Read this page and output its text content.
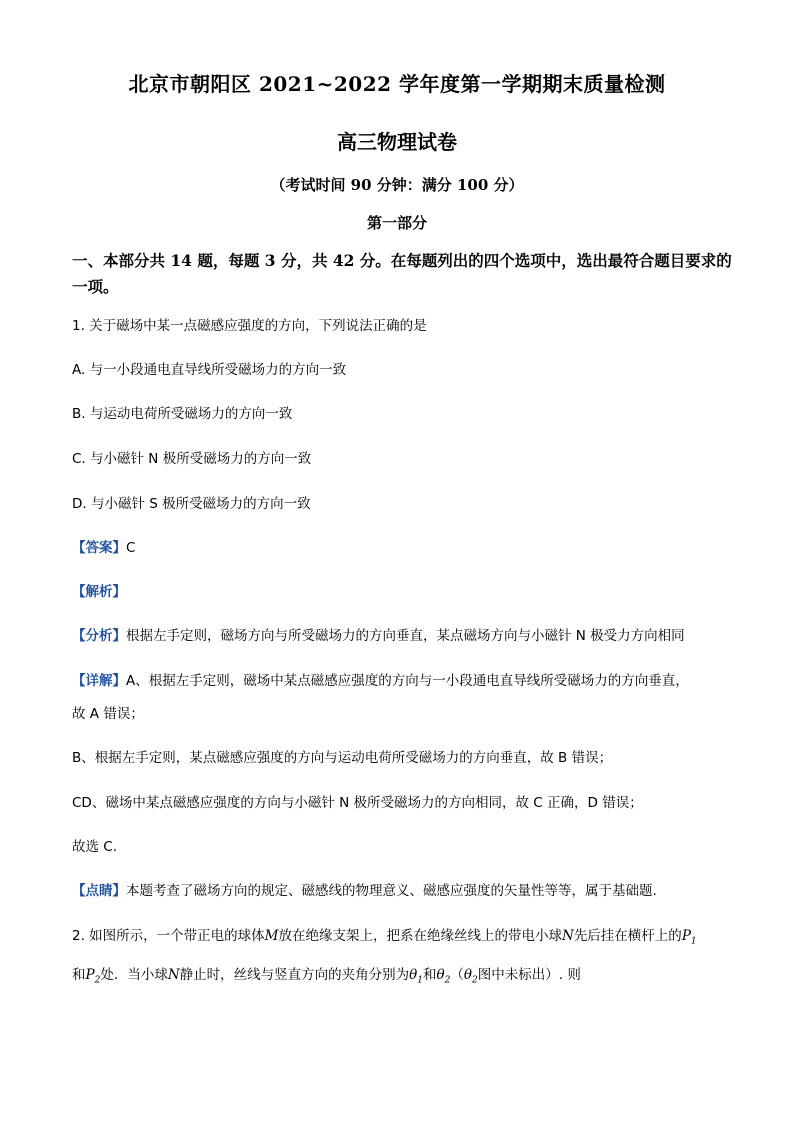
北京市朝阳区 2021~2022 学年度第一学期期末质量检测
高三物理试卷
（考试时间 90 分钟：满分 100 分）
第一部分
一、本部分共 14 题，每题 3 分，共 42 分。在每题列出的四个选项中，选出最符合题目要求的一项。
1. 关于磁场中某一点磁感应强度的方向，下列说法正确的是
A. 与一小段通电直导线所受磁场力的方向一致
B. 与运动电荷所受磁场力的方向一致
C. 与小磁针 N 极所受磁场力的方向一致
D. 与小磁针 S 极所受磁场力的方向一致
【答案】C
【解析】
【分析】根据左手定则，磁场方向与所受磁场力的方向垂直，某点磁场方向与小磁针 N 极受力方向相同
【详解】A、根据左手定则，磁场中某点磁感应强度的方向与一小段通电直导线所受磁场力的方向垂直，
故 A 错误；
B、根据左手定则，某点磁感应强度的方向与运动电荷所受磁场力的方向垂直，故 B 错误；
CD、磁场中某点磁感应强度的方向与小磁针 N 极所受磁场力的方向相同，故 C 正确，D 错误；
故选 C.
【点睛】本题考查了磁场方向的规定、磁感线的物理意义、磁感应强度的矢量性等等，属于基础题.
2. 如图所示，一个带正电的球体M放在绝缘支架上，把系在绝缘丝线上的带电小球N先后挂在横杆上的$P_1$
和$P_2$处．当小球N静止时，丝线与竖直方向的夹角分别为$\theta_1$和$\theta_2(\theta_2$图中未标出）. 则
